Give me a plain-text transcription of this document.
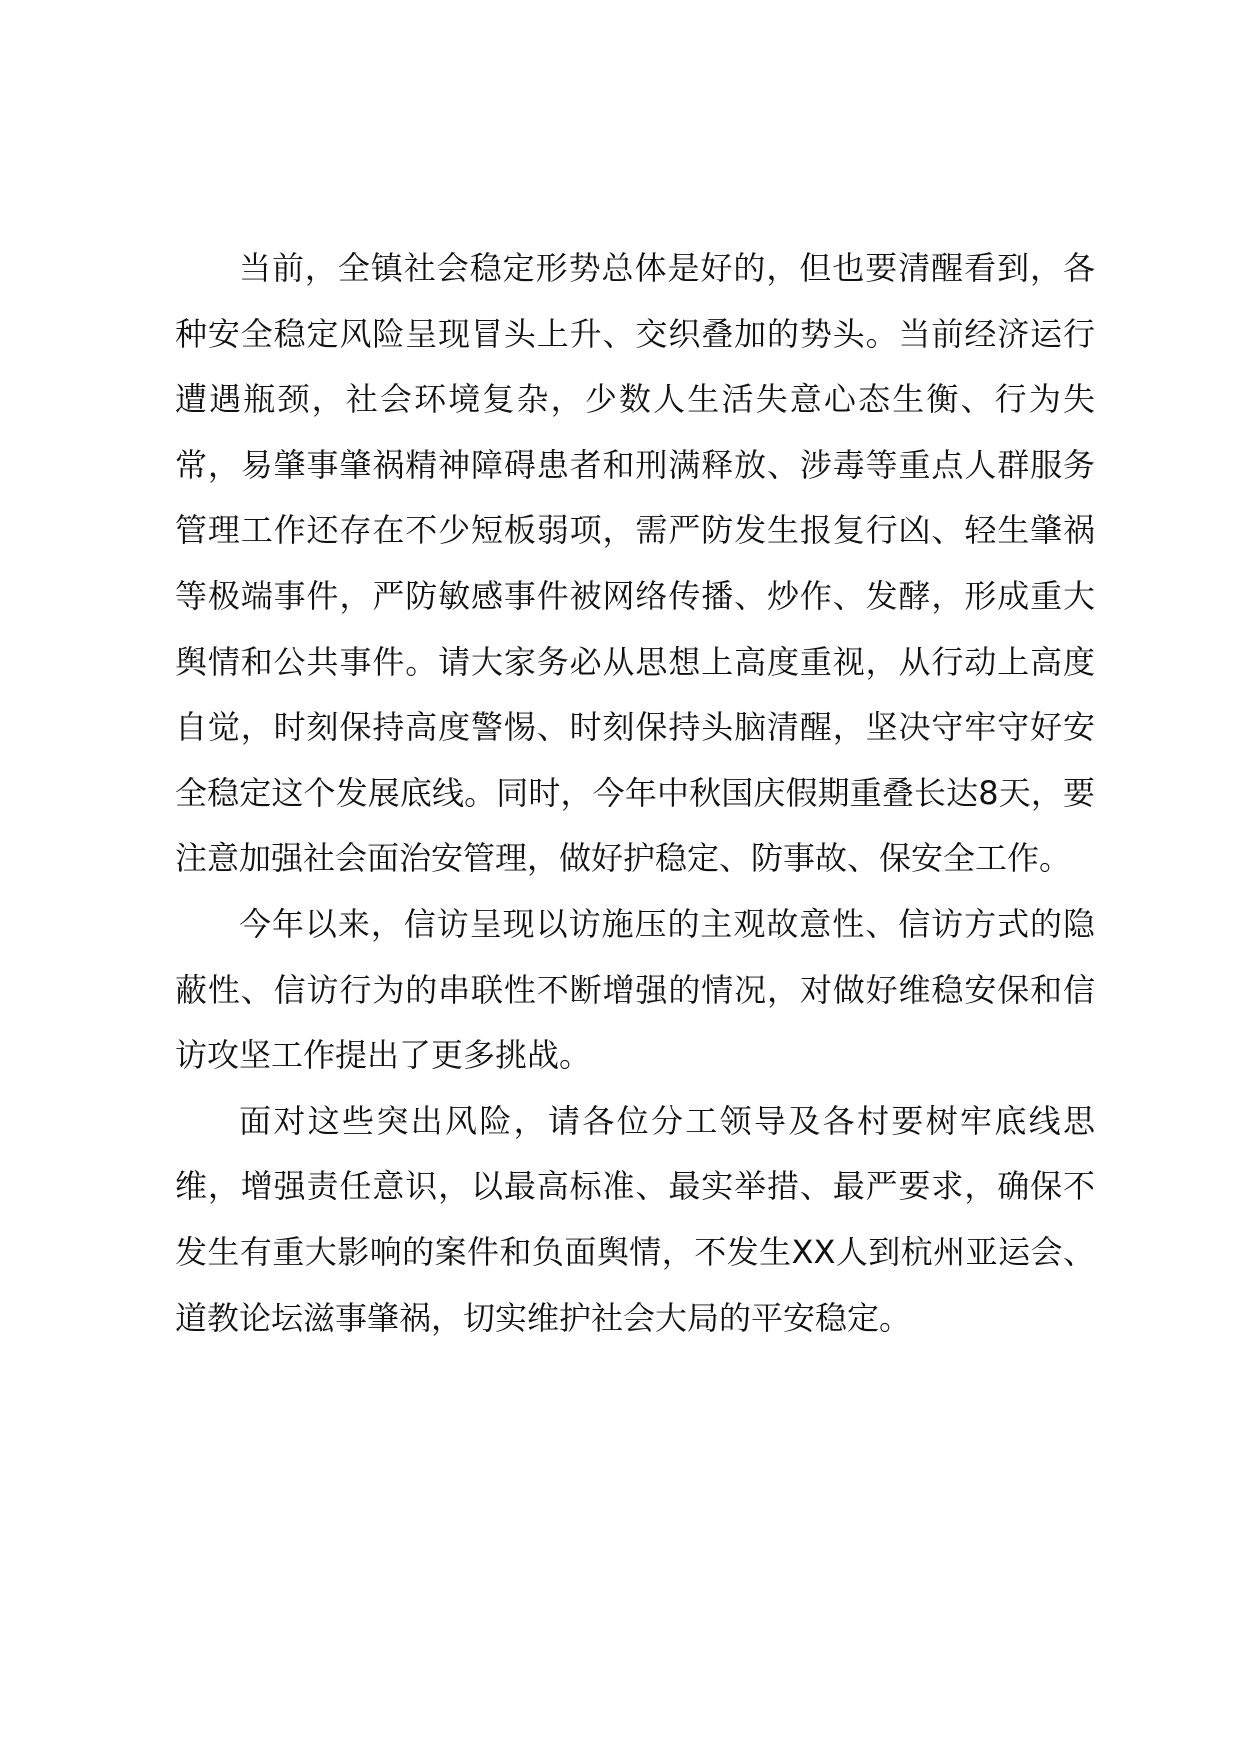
当前，全镇社会稳定形势总体是好的，但也要清醒看到，各种安全稳定风险呈现冒头上升、交织叠加的势头。当前经济运行遭遇瓶颈，社会环境复杂，少数人生活失意心态生衡、行为失常，易肇事肇祸精神障碍患者和刑满释放、涉毒等重点人群服务管理工作还存在不少短板弱项，需严防发生报复行凶、轻生肇祸等极端事件，严防敏感事件被网络传播、炒作、发酵，形成重大舆情和公共事件。请大家务必从思想上高度重视，从行动上高度自觉，时刻保持高度警惕、时刻保持头脑清醒，坚决守牢守好安全稳定这个发展底线。同时，今年中秋国庆假期重叠长达8天，要注意加强社会面治安管理，做好护稳定、防事故、保安全工作。

今年以来，信访呈现以访施压的主观故意性、信访方式的隐蔽性、信访行为的串联性不断增强的情况，对做好维稳安保和信访攻坚工作提出了更多挑战。

面对这些突出风险，请各位分工领导及各村要树牢底线思维，增强责任意识，以最高标准、最实举措、最严要求，确保不发生有重大影响的案件和负面舆情，不发生XX人到杭州亚运会、道教论坛滋事肇祸，切实维护社会大局的平安稳定。
